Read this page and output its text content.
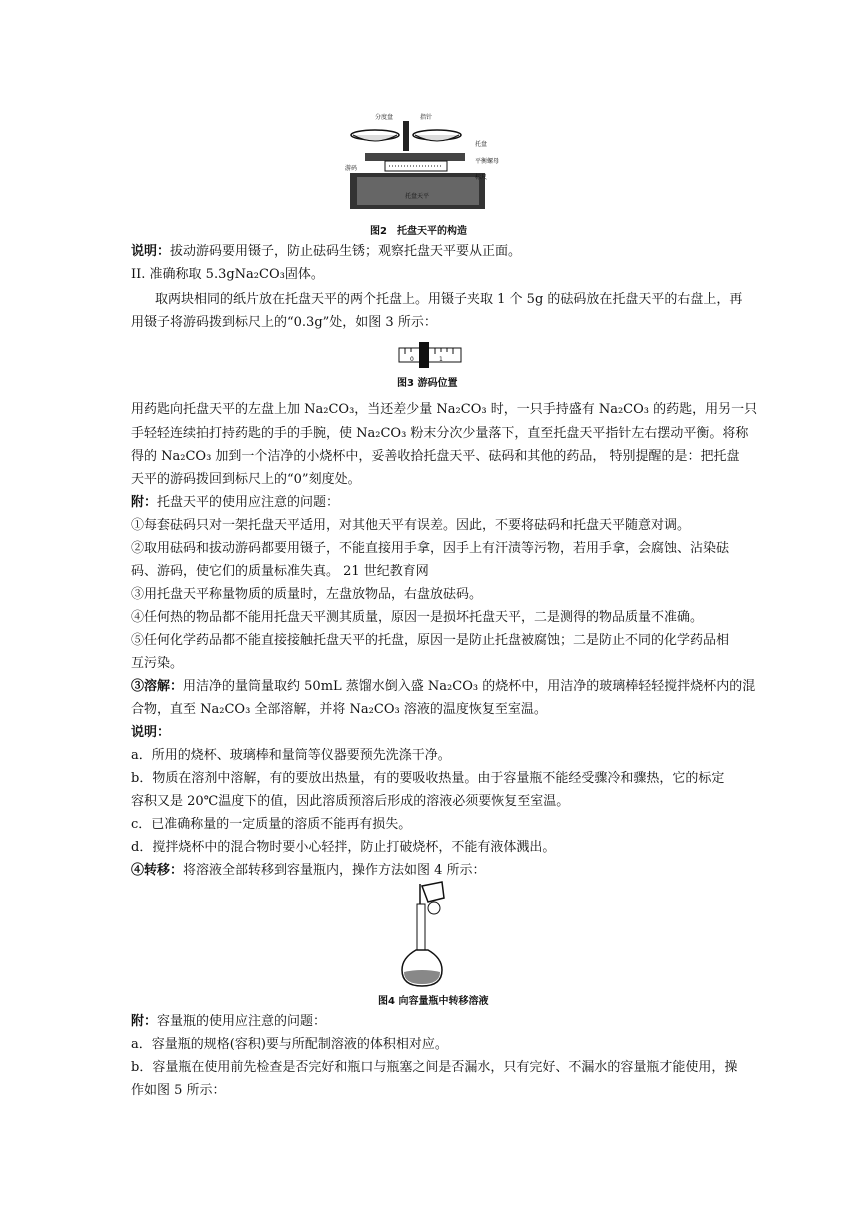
托盘天平
分度盘	指针
托盘
平衡螺母
游码
标尺
图2　托盘天平的构造
说明：拔动游码要用镊子，防止砝码生锈；观察托盘天平要从正面。
II. 准确称取 5.3gNa₂CO₃固体。
取两块相同的纸片放在托盘天平的两个托盘上。用镊子夹取 1 个 5g 的砝码放在托盘天平的右盘上，再
用镊子将游码拨到标尺上的“0.3g”处，如图 3 所示：
0	1
图3 游码位置
用药匙向托盘天平的左盘上加 Na₂CO₃，当还差少量 Na₂CO₃ 时，一只手持盛有 Na₂CO₃ 的药匙，用另一只
手轻轻连续拍打持药匙的手的手腕，使 Na₂CO₃ 粉末分次少量落下，直至托盘天平指针左右摆动平衡。将称
得的 Na₂CO₃ 加到一个洁净的小烧杯中，妥善收拾托盘天平、砝码和其他的药品， 特别提醒的是：把托盘
天平的游码拨回到标尺上的“0”刻度处。
附：托盘天平的使用应注意的问题：
①每套砝码只对一架托盘天平适用，对其他天平有误差。因此，不要将砝码和托盘天平随意对调。
②取用砝码和拔动游码都要用镊子，不能直接用手拿，因手上有汗渍等污物，若用手拿，会腐蚀、沾染砝
码、游码，使它们的质量标准失真。 21 世纪教育网
③用托盘天平称量物质的质量时，左盘放物品，右盘放砝码。
④任何热的物品都不能用托盘天平测其质量，原因一是损坏托盘天平，二是测得的物品质量不准确。
⑤任何化学药品都不能直接接触托盘天平的托盘，原因一是防止托盘被腐蚀；二是防止不同的化学药品相
互污染。
③溶解：用洁净的量筒量取约 50mL 蒸馏水倒入盛 Na₂CO₃ 的烧杯中，用洁净的玻璃棒轻轻搅拌烧杯内的混
合物，直至 Na₂CO₃ 全部溶解，并将 Na₂CO₃ 溶液的温度恢复至室温。
说明：
a．所用的烧杯、玻璃棒和量筒等仪器要预先洗涤干净。
b．物质在溶剂中溶解，有的要放出热量，有的要吸收热量。由于容量瓶不能经受骤冷和骤热，它的标定
容积又是 20℃温度下的值，因此溶质预溶后形成的溶液必须要恢复至室温。
c．已准确称量的一定质量的溶质不能再有损失。
d．搅拌烧杯中的混合物时要小心轻拌，防止打破烧杯，不能有液体溅出。
④转移：将溶液全部转移到容量瓶内，操作方法如图 4 所示：
图4 向容量瓶中转移溶液
附：容量瓶的使用应注意的问题：
a．容量瓶的规格(容积)要与所配制溶液的体积相对应。
b．容量瓶在使用前先检查是否完好和瓶口与瓶塞之间是否漏水，只有完好、不漏水的容量瓶才能使用，操
作如图 5 所示：
